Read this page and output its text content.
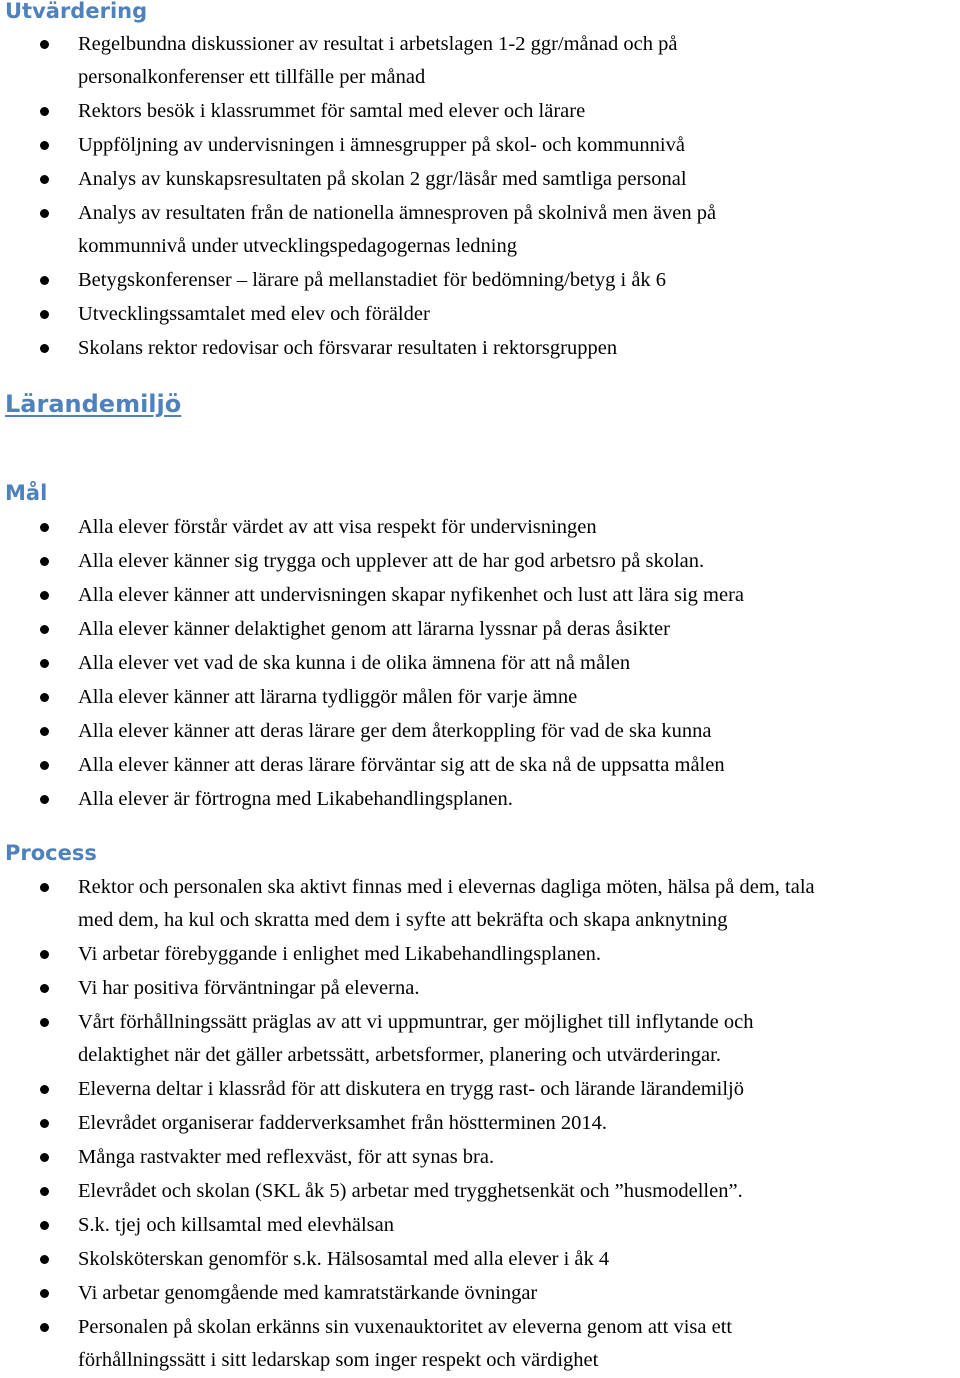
Utvärdering
Regelbundna diskussioner av resultat i arbetslagen 1-2 ggr/månad och på
personalkonferenser ett tillfälle per månad
Rektors besök i klassrummet för samtal med elever och lärare
Uppföljning av undervisningen i ämnesgrupper på skol- och kommunnivå
Analys av kunskapsresultaten på skolan 2 ggr/läsår med samtliga personal
Analys av resultaten från de nationella ämnesproven på skolnivå men även på
kommunnivå under utvecklingspedagogernas ledning
Betygskonferenser – lärare på mellanstadiet för bedömning/betyg i åk 6
Utvecklingssamtalet med elev och förälder
Skolans rektor redovisar och försvarar resultaten i rektorsgruppen
Lärandemiljö
Mål
Alla elever förstår värdet av att visa respekt för undervisningen
Alla elever känner sig trygga och upplever att de har god arbetsro på skolan.
Alla elever känner att undervisningen skapar nyfikenhet och lust att lära sig mera
Alla elever känner delaktighet genom att lärarna lyssnar på deras åsikter
Alla elever vet vad de ska kunna i de olika ämnena för att nå målen
Alla elever känner att lärarna tydliggör målen för varje ämne
Alla elever känner att deras lärare ger dem återkoppling för vad de ska kunna
Alla elever känner att deras lärare förväntar sig att de ska nå de uppsatta målen
Alla elever är förtrogna med Likabehandlingsplanen.
Process
Rektor och personalen ska aktivt finnas med i elevernas dagliga möten, hälsa på dem, tala
med dem, ha kul och skratta med dem i syfte att bekräfta och skapa anknytning
Vi arbetar förebyggande i enlighet med Likabehandlingsplanen.
Vi har positiva förväntningar på eleverna.
Vårt förhållningssätt präglas av att vi uppmuntrar, ger möjlighet till inflytande och
delaktighet när det gäller arbetssätt, arbetsformer, planering och utvärderingar.
Eleverna deltar i klassråd för att diskutera en trygg rast- och lärande lärandemiljö
Elevrådet organiserar fadderverksamhet från höstterminen 2014.
Många rastvakter med reflexväst, för att synas bra.
Elevrådet och skolan (SKL åk 5) arbetar med trygghetsenkät och ”husmodellen”.
S.k. tjej och killsamtal med elevhälsan
Skolsköterskan genomför s.k. Hälsosamtal med alla elever i åk 4
Vi arbetar genomgående med kamratstärkande övningar
Personalen på skolan erkänns sin vuxenauktoritet av eleverna genom att visa ett
förhållningssätt i sitt ledarskap som inger respekt och värdighet
